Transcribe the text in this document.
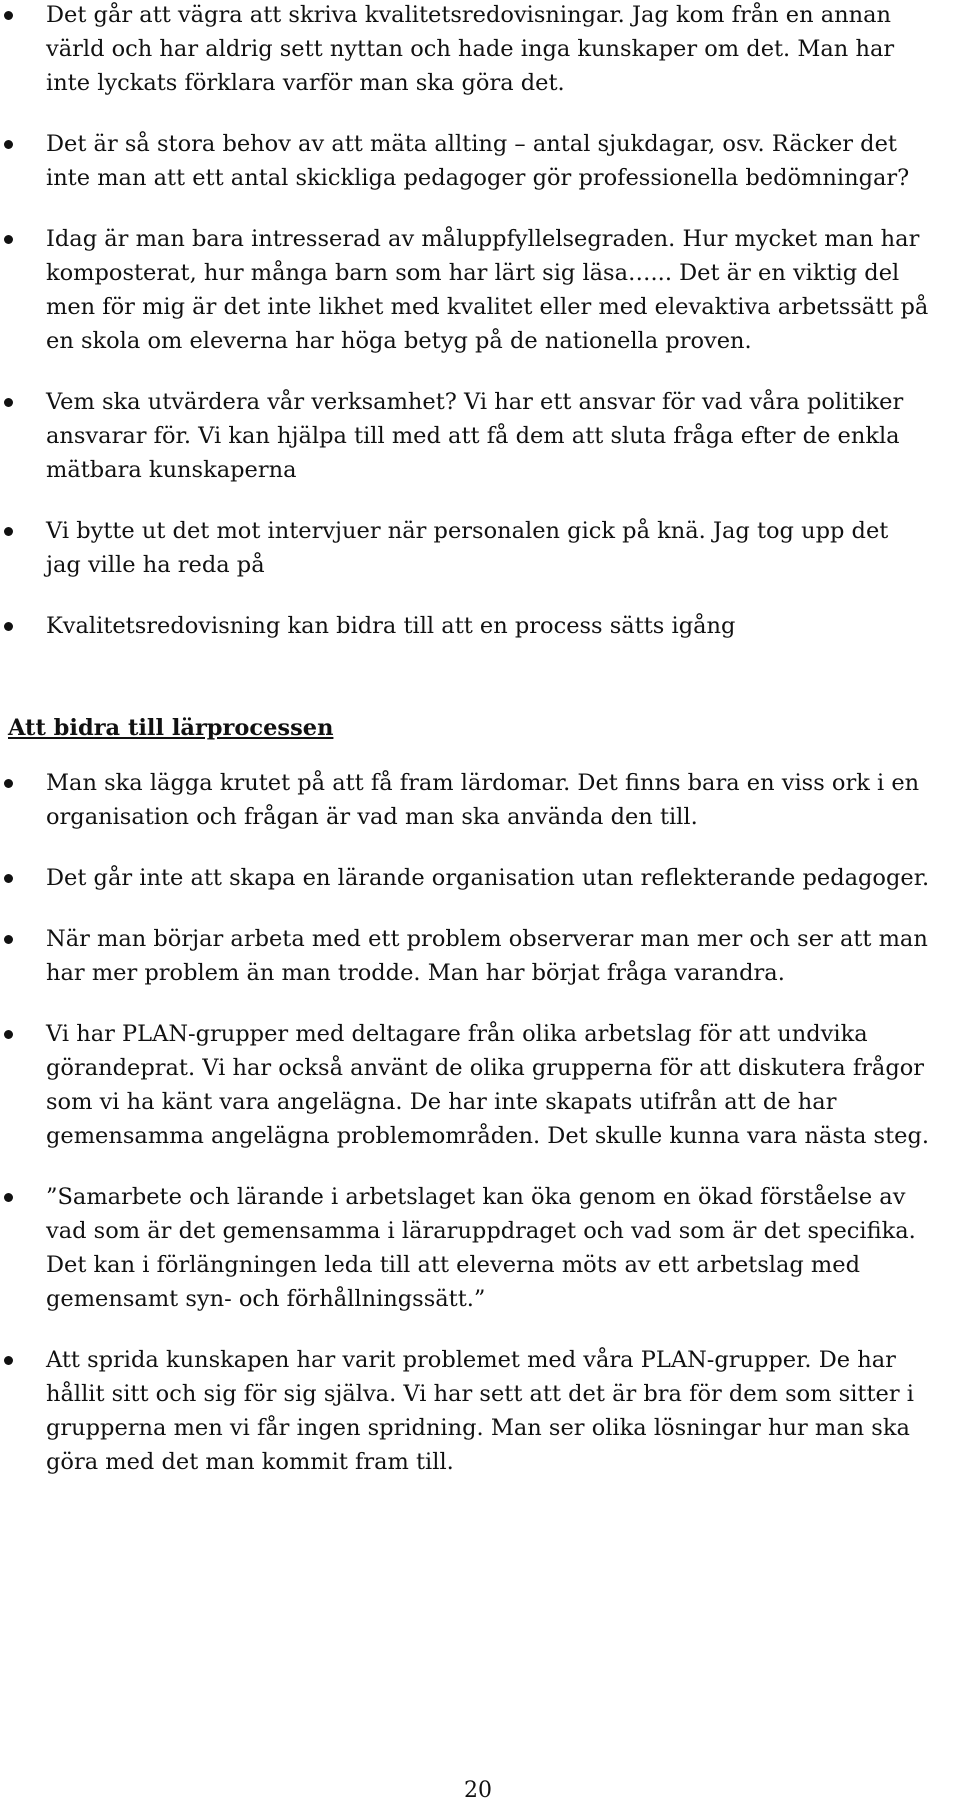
Det går att vägra att skriva kvalitetsredovisningar. Jag kom från en annan värld och har aldrig sett nyttan och hade inga kunskaper om det. Man har inte lyckats förklara varför man ska göra det.
Det är så stora behov av att mäta allting – antal sjukdagar, osv. Räcker det inte man att ett antal skickliga pedagoger gör professionella bedömningar?
Idag är man bara intresserad av måluppfyllelsegraden. Hur mycket man har komposterat, hur många barn som har lärt sig läsa…... Det är en viktig del men för mig är det inte likhet med kvalitet eller med elevaktiva arbetssätt på en skola om eleverna har höga betyg på de nationella proven.
Vem ska utvärdera vår verksamhet? Vi har ett ansvar för vad våra politiker ansvarar för. Vi kan hjälpa till med att få dem att sluta fråga efter de enkla mätbara kunskaperna
Vi bytte ut det mot intervjuer när personalen gick på knä. Jag tog upp det jag ville ha reda på
Kvalitetsredovisning kan bidra till att en process sätts igång
Att bidra till lärprocessen
Man ska lägga krutet på att få fram lärdomar. Det finns bara en viss ork i en organisation och frågan är vad man ska använda den till.
Det går inte att skapa en lärande organisation utan reflekterande pedagoger.
När man börjar arbeta med ett problem observerar man mer och ser att man har mer problem än man trodde. Man har börjat fråga varandra.
Vi har PLAN-grupper med deltagare från olika arbetslag för att undvika görandeprat. Vi har också använt de olika grupperna för att diskutera frågor som vi ha känt vara angelägna. De har inte skapats utifrån att de har gemensamma angelägna problemområden. Det skulle kunna vara nästa steg.
”Samarbete och lärande i arbetslaget kan öka genom en ökad förståelse av vad som är det gemensamma i läraruppdraget och vad som är det specifika. Det kan i förlängningen leda till att eleverna möts av ett arbetslag med gemensamt syn- och förhållningssätt.”
Att sprida kunskapen har varit problemet med våra PLAN-grupper. De har hållit sitt och sig för sig själva. Vi har sett att det är bra för dem som sitter i grupperna men vi får ingen spridning. Man ser olika lösningar hur man ska göra med det man kommit fram till.
20
